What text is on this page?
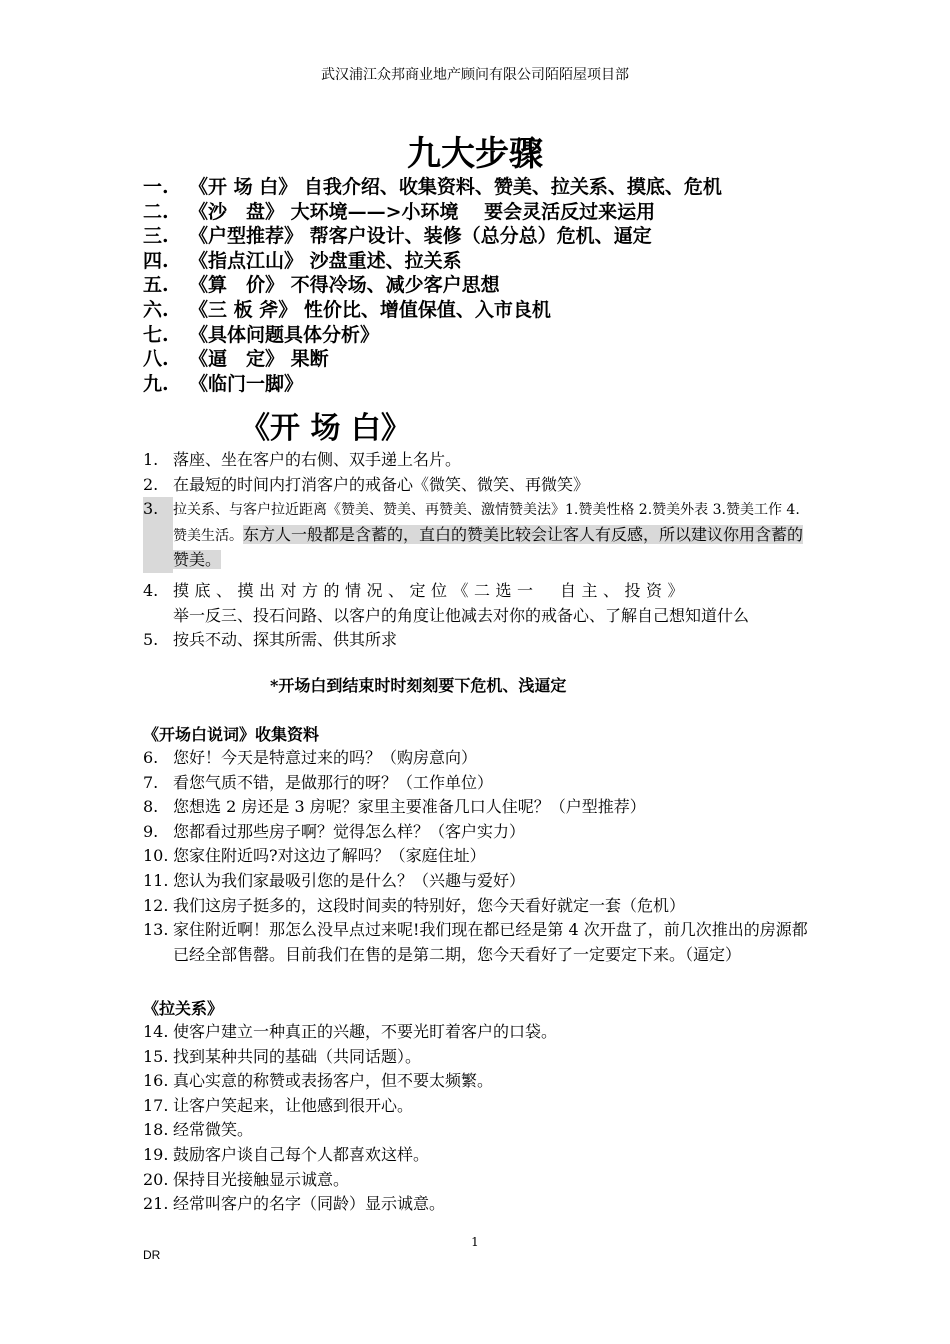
武汉浦江众邦商业地产顾问有限公司陌陌屋项目部
九大步骤
一.	《开 场 白》 自我介绍、收集资料、赞美、拉关系、摸底、危机
二.	《沙　盘》 大环境——>小环境　 要会灵活反过来运用
三.	《户型推荐》 帮客户设计、装修（总分总）危机、逼定
四.	《指点江山》 沙盘重述、拉关系
五.	《算　价》 不得冷场、减少客户思想
六.	《三 板 斧》 性价比、增值保值、入市良机
七.	《具体问题具体分析》
八.	《逼　定》 果断
九.	《临门一脚》
《开 场 白》
1. 落座、坐在客户的右侧、双手递上名片。
2. 在最短的时间内打消客户的戒备心《微笑、微笑、再微笑》
3.	拉关系、与客户拉近距离《赞美、赞美、再赞美、激情赞美法》1.赞美性格 2.赞美外表 3.赞美工作 4.赞美生活。东方人一般都是含蓄的，直白的赞美比较会让客人有反感，所以建议你用含蓄的赞美。
4. 摸底、摸出对方的情况、定位《二选一　自主、投资》
举一反三、投石问路、以客户的角度让他减去对你的戒备心、了解自己想知道什么
5. 按兵不动、探其所需、供其所求
*开场白到结束时时刻刻要下危机、浅逼定
《开场白说词》收集资料
6. 您好！今天是特意过来的吗？（购房意向）
7. 看您气质不错，是做那行的呀？（工作单位）
8. 您想选 2 房还是 3 房呢？家里主要准备几口人住呢？（户型推荐）
9. 您都看过那些房子啊？觉得怎么样？（客户实力）
10. 您家住附近吗?对这边了解吗？（家庭住址）
11. 您认为我们家最吸引您的是什么？（兴趣与爱好）
12. 我们这房子挺多的，这段时间卖的特别好，您今天看好就定一套（危机）
13. 家住附近啊！那怎么没早点过来呢!我们现在都已经是第 4 次开盘了，前几次推出的房源都已经全部售罄。目前我们在售的是第二期，您今天看好了一定要定下来。（逼定）
《拉关系》
14. 使客户建立一种真正的兴趣，不要光盯着客户的口袋。
15. 找到某种共同的基础（共同话题）。
16. 真心实意的称赞或表扬客户，但不要太频繁。
17. 让客户笑起来，让他感到很开心。
18. 经常微笑。
19. 鼓励客户谈自己每个人都喜欢这样。
20. 保持目光接触显示诚意。
21. 经常叫客户的名字（同龄）显示诚意。
1
DR
